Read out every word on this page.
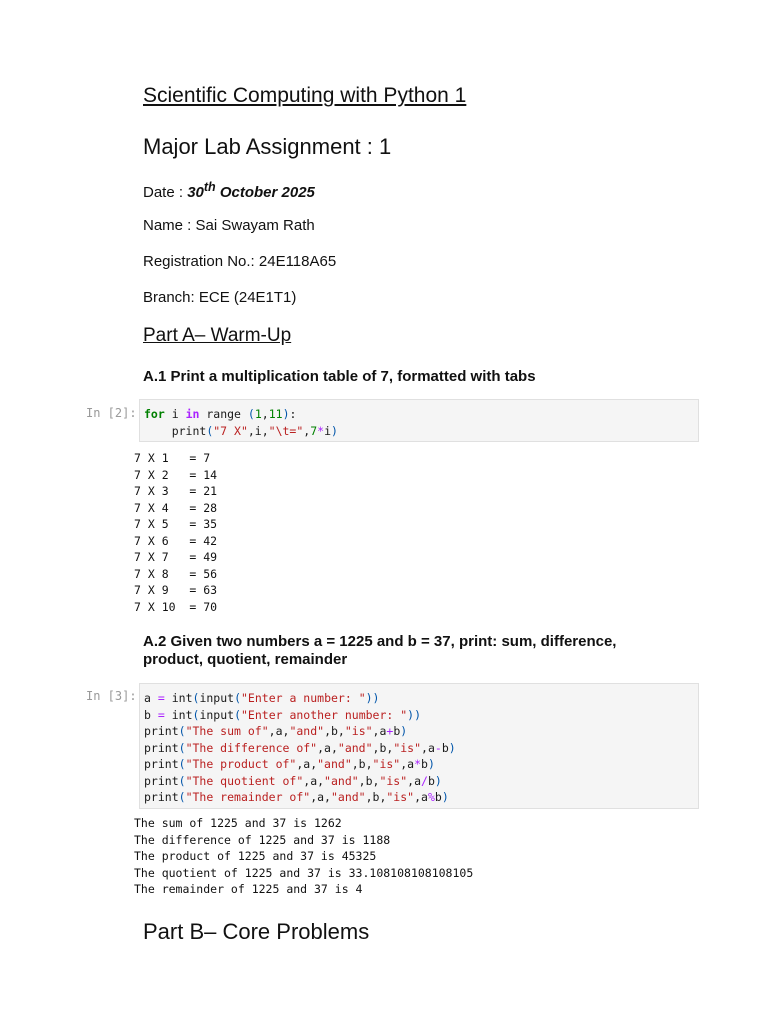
Scientific Computing with Python 1
Major Lab Assignment : 1
Date : 30th October 2025
Name : Sai Swayam Rath
Registration No.: 24E118A65
Branch: ECE (24E1T1)
Part A– Warm-Up
A.1 Print a multiplication table of 7, formatted with tabs
In [2]: for i in range (1,11):
print("7 X",i,"\t=",7*i)
7 X 1   = 7
7 X 2   = 14
7 X 3   = 21
7 X 4   = 28
7 X 5   = 35
7 X 6   = 42
7 X 7   = 49
7 X 8   = 56
7 X 9   = 63
7 X 10  = 70
A.2 Given two numbers a = 1225 and b = 37, print: sum, difference,
product, quotient, remainder
In [3]: a = int(input("Enter a number: "))
b = int(input("Enter another number: "))
print("The sum of",a,"and",b,"is",a+b)
print("The difference of",a,"and",b,"is",a-b)
print("The product of",a,"and",b,"is",a*b)
print("The quotient of",a,"and",b,"is",a/b)
print("The remainder of",a,"and",b,"is",a%b)
The sum of 1225 and 37 is 1262
The difference of 1225 and 37 is 1188
The product of 1225 and 37 is 45325
The quotient of 1225 and 37 is 33.108108108108105
The remainder of 1225 and 37 is 4
Part B– Core Problems
